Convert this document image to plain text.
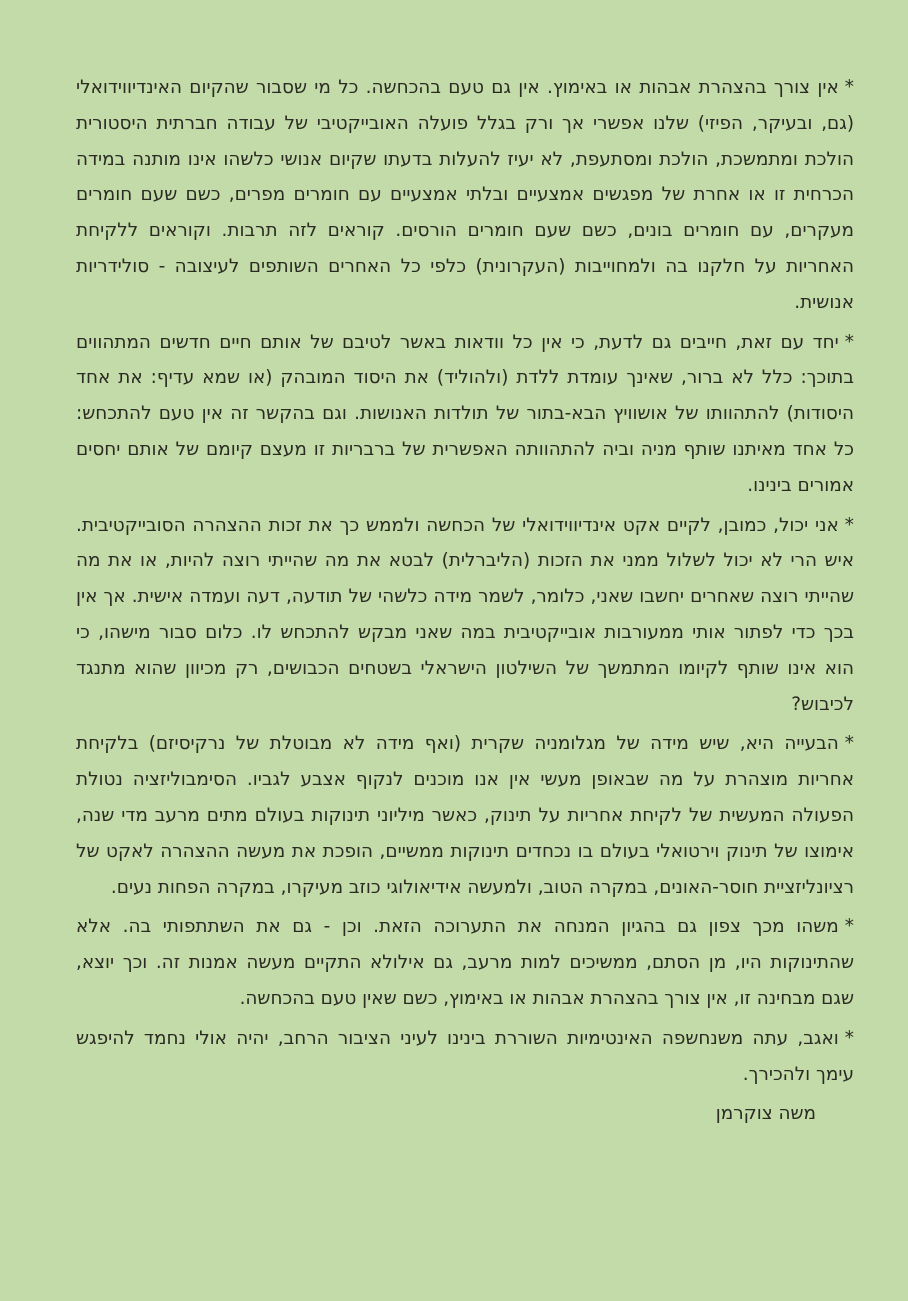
*אין צורך בהצהרת אבהות או באימוץ. אין גם טעם בהכחשה. כל מי שסבור שהקיום האינדיווידואלי (גם, ובעיקר, הפיזי) שלנו אפשרי אך ורק בגלל פועלה האובייקטיבי של עבודה חברתית היסטורית הולכת ומתמשכת, הולכת ומסתעפת, לא יעיז להעלות בדעתו שקיום אנושי כלשהו אינו מותנה במידה הכרחית זו או אחרת של מפגשים אמצעיים ובלתי אמצעיים עם חומרים מפרים, כשם שעם חומרים מעקרים, עם חומרים בונים, כשם שעם חומרים הורסים. קוראים לזה תרבות. וקוראים ללקיחת האחריות על חלקנו בה ולמחוייבות (העקרונית) כלפי כל האחרים השותפים לעיצובה - סולידריות אנושית.

*יחד עם זאת, חייבים גם לדעת, כי אין כל וודאות באשר לטיבם של אותם חיים חדשים המתהווים בתוכך: כלל לא ברור, שאינך עומדת ללדת (ולהוליד) את היסוד המובהק (או שמא עדיף: את אחד היסודות) להתהוותו של אושוויץ הבא-בתור של תולדות האנושות. וגם בהקשר זה אין טעם להתכחש: כל אחד מאיתנו שותף מניה וביה להתהוותה האפשרית של ברבריות זו מעצם קיומם של אותם יחסים אמורים בינינו.

*אני יכול, כמובן, לקיים אקט אינדיווידואלי של הכחשה ולממש כך את זכות ההצהרה הסובייקטיבית. איש הרי לא יכול לשלול ממני את הזכות (הליברלית) לבטא את מה שהייתי רוצה להיות, או את מה שהייתי רוצה שאחרים יחשבו שאני, כלומר, לשמר מידה כלשהי של תודעה, דעה ועמדה אישית. אך אין בכך כדי לפתור אותי ממעורבות אובייקטיבית במה שאני מבקש להתכחש לו. כלום סבור מישהו, כי הוא אינו שותף לקיומו המתמשך של השילטון הישראלי בשטחים הכבושים, רק מכיוון שהוא מתנגד לכיבוש?

*הבעייה היא, שיש מידה של מגלומניה שקרית (ואף מידה לא מבוטלת של נרקיסיזם) בלקיחת אחריות מוצהרת על מה שבאופן מעשי אין אנו מוכנים לנקוף אצבע לגביו. הסימבוליזציה נטולת הפעולה המעשית של לקיחת אחריות על תינוק, כאשר מיליוני תינוקות בעולם מתים מרעב מדי שנה, אימוצו של תינוק וירטואלי בעולם בו נכחדים תינוקות ממשיים, הופכת את מעשה ההצהרה לאקט של רציונליזציית חוסר-האונים, במקרה הטוב, ולמעשה אידיאולוגי כוזב מעיקרו, במקרה הפחות נעים.

*משהו מכך צפון גם בהגיון המנחה את התערוכה הזאת. וכן - גם את השתתפותי בה. אלא שהתינוקות היו, מן הסתם, ממשיכים למות מרעב, גם אילולא התקיים מעשה אמנות זה. וכך יוצא, שגם מבחינה זו, אין צורך בהצהרת אבהות או באימוץ, כשם שאין טעם בהכחשה.

*ואגב, עתה משנחשפה האינטימיות השוררת בינינו לעיני הציבור הרחב, יהיה אולי נחמד להיפגש עימך ולהכירך.

משה צוקרמן
